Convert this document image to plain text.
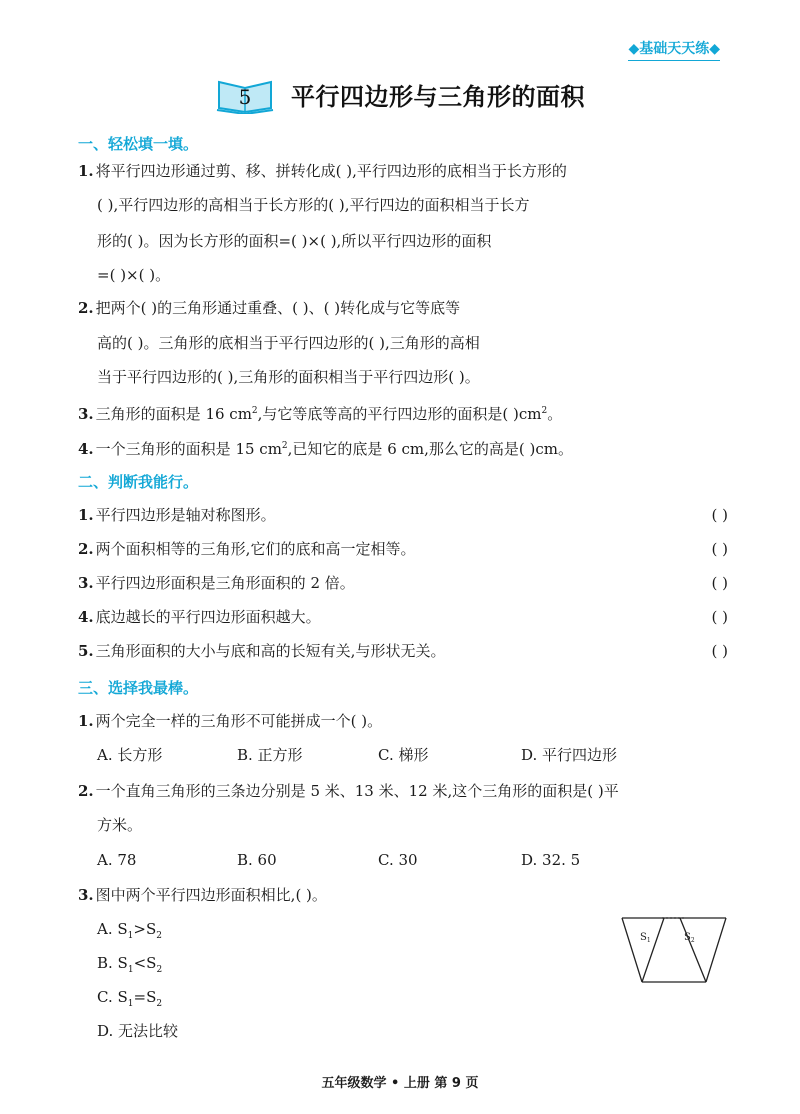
◆基础天天练◆
5 平行四边形与三角形的面积
一、轻松填一填。
1. 将平行四边形通过剪、移、拼转化成( ),平行四边形的底相当于长方形的
( ),平行四边形的高相当于长方形的( ),平行四边的面积相当于长方
形的( )。因为长方形的面积=( )×( ),所以平行四边形的面积
=( )×( )。
2. 把两个( )的三角形通过重叠、( )、( )转化成与它等底等
高的( )。三角形的底相当于平行四边形的( ),三角形的高相
当于平行四边形的( ),三角形的面积相当于平行四边形( )。
3. 三角形的面积是 16 $cm^2$,与它等底等高的平行四边形的面积是( )$cm^2$。
4. 一个三角形的面积是 15 $cm^2$,已知它的底是 6 cm,那么它的高是( )cm。
二、判断我能行。
1. 平行四边形是轴对称图形。	( )
2. 两个面积相等的三角形,它们的底和高一定相等。	( )
3. 平行四边形面积是三角形面积的 2 倍。	( )
4. 底边越长的平行四边形面积越大。	( )
5. 三角形面积的大小与底和高的长短有关,与形状无关。	( )
三、选择我最棒。
1. 两个完全一样的三角形不可能拼成一个( )。
A. 长方形	B. 正方形	C. 梯形	D. 平行四边形
2. 一个直角三角形的三条边分别是 5 米、13 米、12 米,这个三角形的面积是( )平
方米。
A. 78	B. 60	C. 30	D. 32. 5
3. 图中两个平行四边形面积相比,( )。
A. $S_1>S_2$
B. $S_1<S_2$
C. $S_1=S_2$
D. 无法比较
$S_1$	$S_2$
五年级数学 • 上册 第 9 页
